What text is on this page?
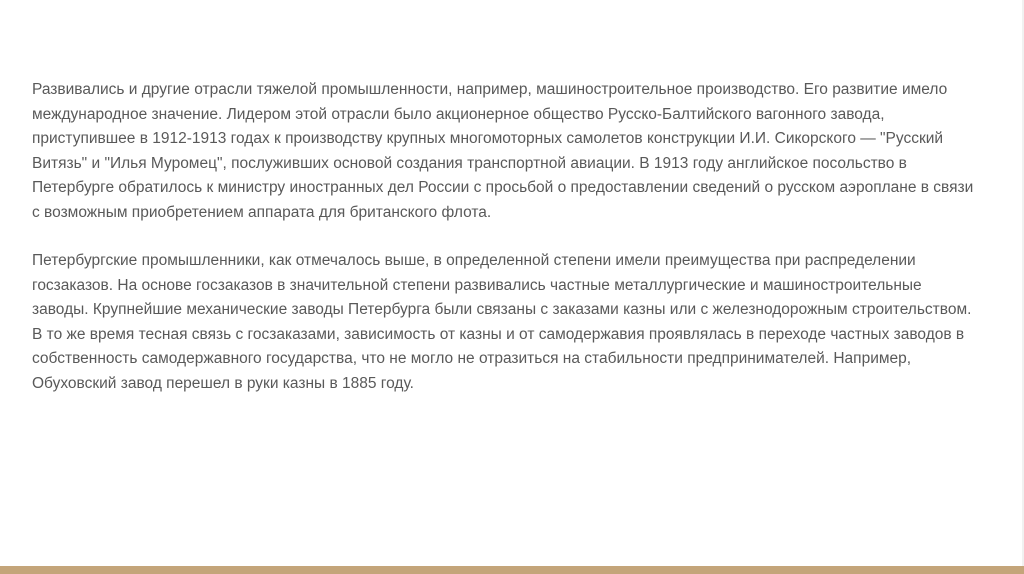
Развивались и другие отрасли тяжелой промышленности, например, машиностроительное производство. Его развитие имело международное значение. Лидером этой отрасли было акционерное общество Русско-Балтийского вагонного завода, приступившее в 1912-1913 годах к производству крупных многомоторных самолетов конструкции И.И. Сикорского — "Русский Витязь" и "Илья Муромец", послуживших основой создания транспортной авиации. В 1913 году английское посольство в Петербурге обратилось к министру иностранных дел России с просьбой о предоставлении сведений о русском аэроплане в связи с возможным приобретением аппарата для британского флота.

Петербургские промышленники, как отмечалось выше, в определенной степени имели преимущества при распределении госзаказов. На основе госзаказов в значительной степени развивались частные металлургические и машиностроительные заводы. Крупнейшие механические заводы Петербурга были связаны с заказами казны или с железнодорожным строительством. В то же время тесная связь с госзаказами, зависимость от казны и от самодержавия проявлялась в переходе частных заводов в собственность самодержавного государства, что не могло не отразиться на стабильности предпринимателей. Например, Обуховский завод перешел в руки казны в 1885 году.
